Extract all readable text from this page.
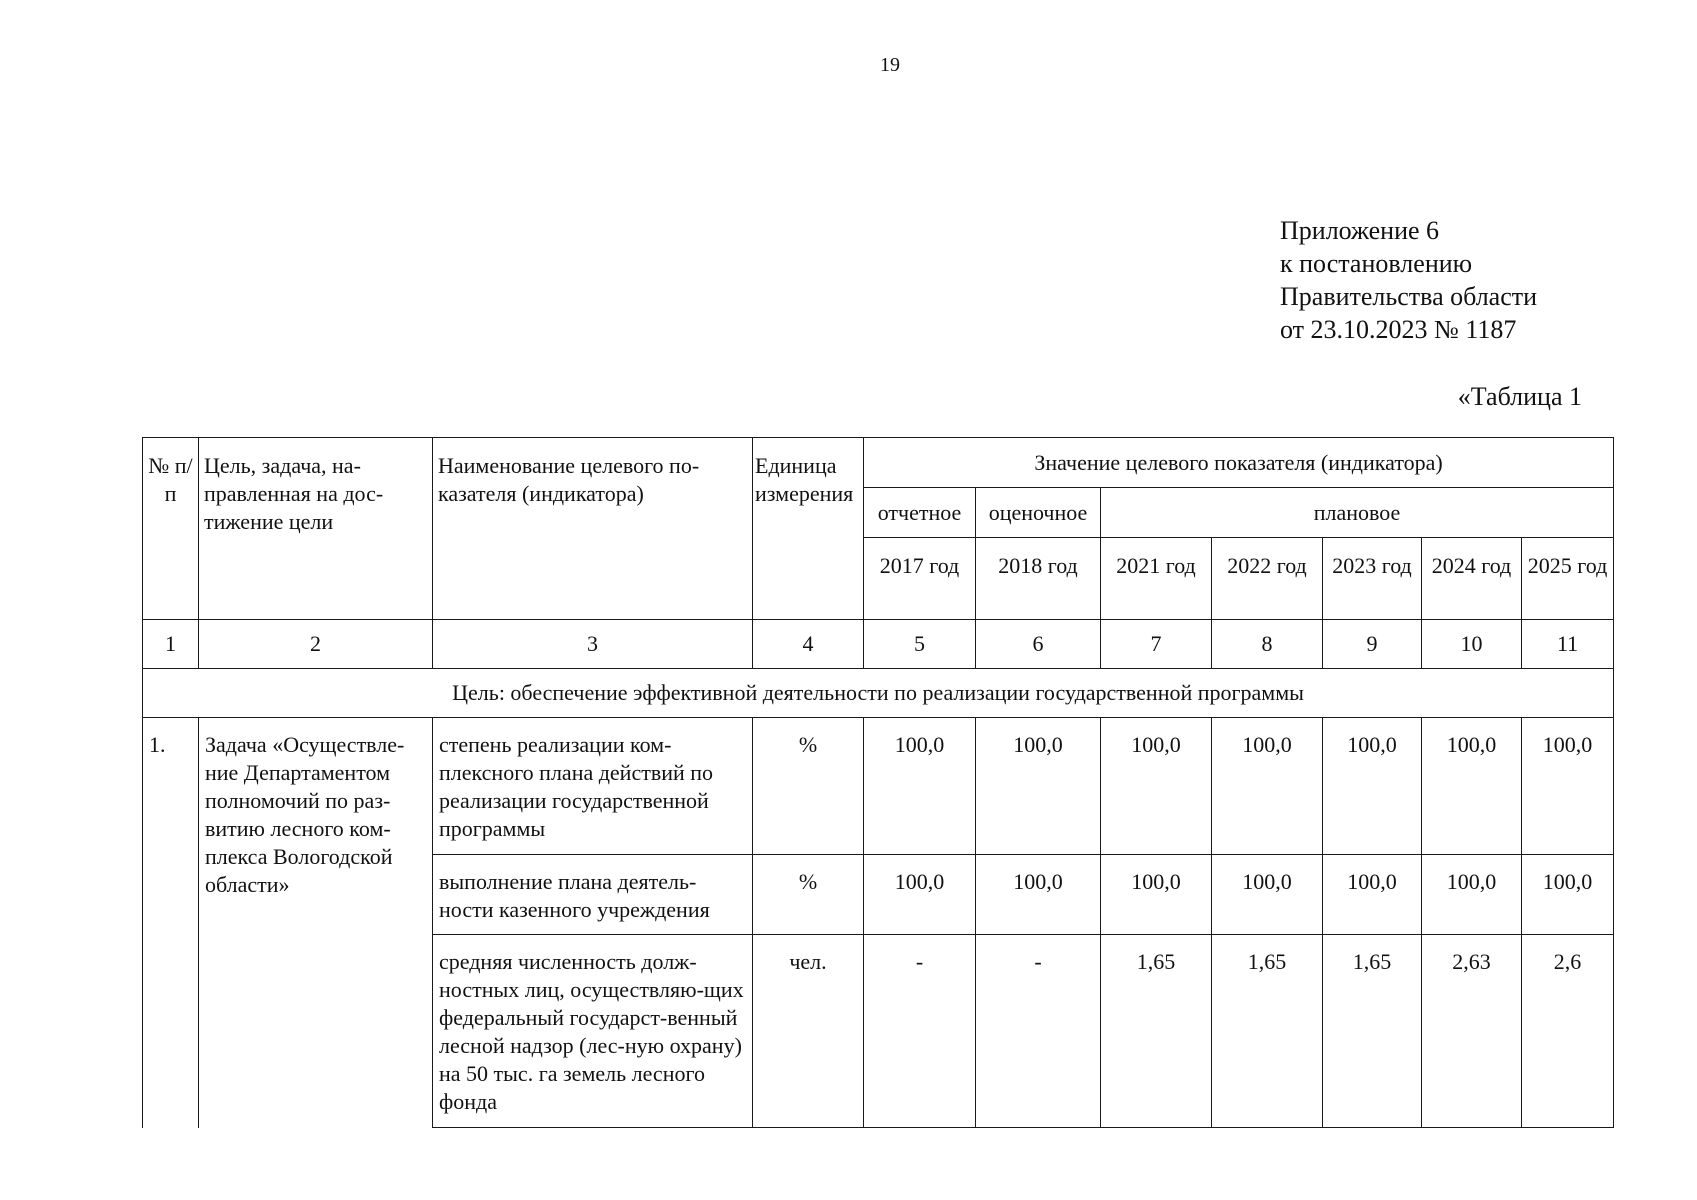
19
Приложение 6
к постановлению
Правительства области
от 23.10.2023 № 1187
«Таблица 1
№ п/п	Цель, задача, на-правленная на дос-тижение цели	Наименование целевого по-казателя (индикатора)	Единица измерения	Значение целевого показателя (индикатора)						
				отчетное	оценочное	плановое				
				2017 год	2018 год	2021 год	2022 год	2023 год	2024 год	2025 год
1	2	3	4	5	6	7	8	9	10	11
Цель: обеспечение эффективной деятельности по реализации государственной программы										
1.	Задача «Осуществле-ние Департаментом полномочий по раз-витию лесного ком-плекса Вологодской области»	степень реализации ком-плексного плана действий по реализации государственной программы	%	100,0	100,0	100,0	100,0	100,0	100,0	100,0
		выполнение плана деятель-ности казенного учреждения	%	100,0	100,0	100,0	100,0	100,0	100,0	100,0
		средняя численность долж-ностных лиц, осуществляю-щих федеральный государст-венный лесной надзор (лес-ную охрану) на 50 тыс. га земель лесного фонда	чел.	-	-	1,65	1,65	1,65	2,63	2,6
